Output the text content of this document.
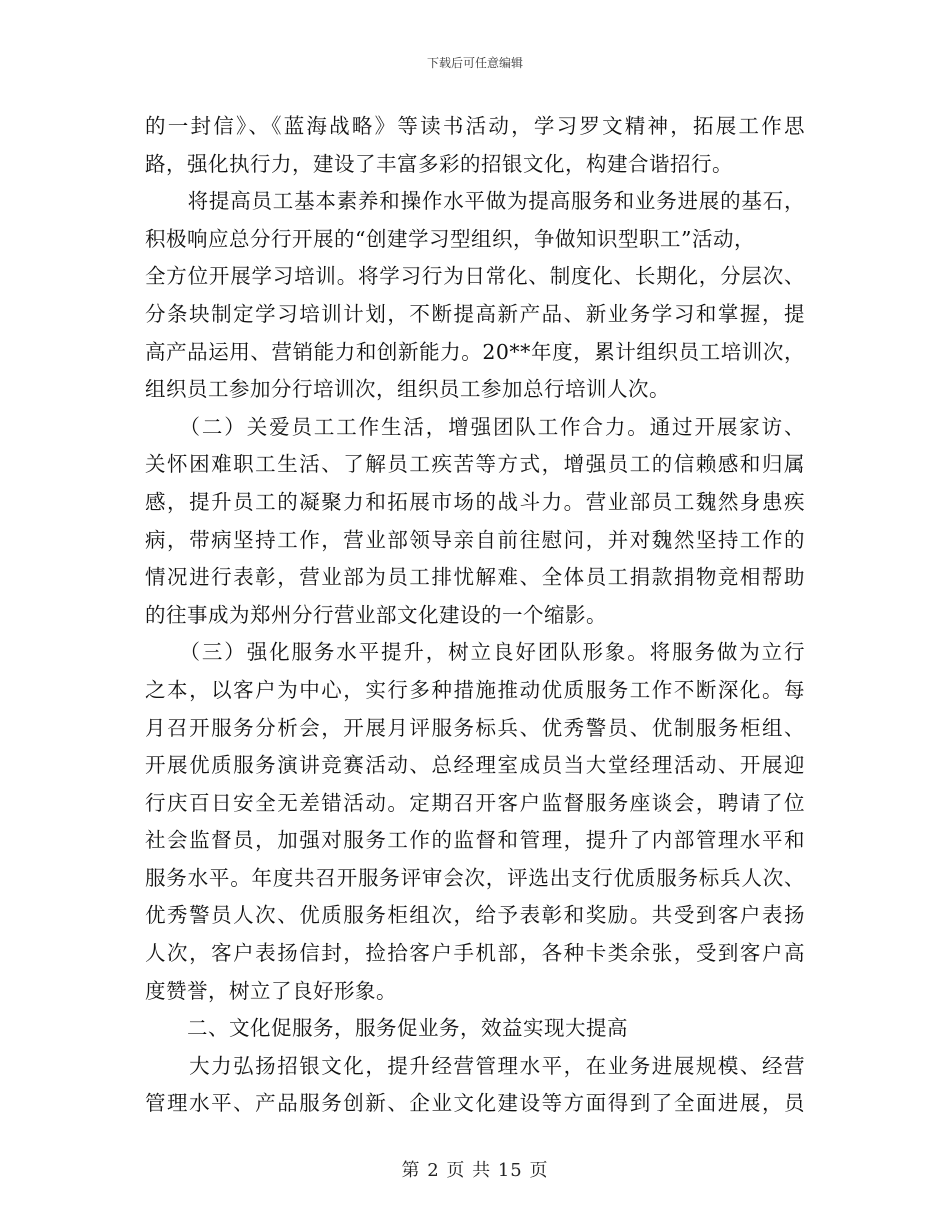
下载后可任意编辑
的一封信》、《蓝海战略》等读书活动，学习罗文精神，拓展工作思
路，强化执行力，建设了丰富多彩的招银文化，构建合谐招行。
　　将提高员工基本素养和操作水平做为提高服务和业务进展的基石，
积极响应总分行开展的“创建学习型组织，争做知识型职工”活动，
全方位开展学习培训。将学习行为日常化、制度化、长期化，分层次、
分条块制定学习培训计划，不断提高新产品、新业务学习和掌握，提
高产品运用、营销能力和创新能力。20**年度，累计组织员工培训次，
组织员工参加分行培训次，组织员工参加总行培训人次。
　　（二）关爱员工工作生活，增强团队工作合力。通过开展家访、
关怀困难职工生活、了解员工疾苦等方式，增强员工的信赖感和归属
感，提升员工的凝聚力和拓展市场的战斗力。营业部员工魏然身患疾
病，带病坚持工作，营业部领导亲自前往慰问，并对魏然坚持工作的
情况进行表彰，营业部为员工排忧解难、全体员工捐款捐物竞相帮助
的往事成为郑州分行营业部文化建设的一个缩影。
　　（三）强化服务水平提升，树立良好团队形象。将服务做为立行
之本，以客户为中心，实行多种措施推动优质服务工作不断深化。每
月召开服务分析会，开展月评服务标兵、优秀警员、优制服务柜组、
开展优质服务演讲竞赛活动、总经理室成员当大堂经理活动、开展迎
行庆百日安全无差错活动。定期召开客户监督服务座谈会，聘请了位
社会监督员，加强对服务工作的监督和管理，提升了内部管理水平和
服务水平。年度共召开服务评审会次，评选出支行优质服务标兵人次、
优秀警员人次、优质服务柜组次，给予表彰和奖励。共受到客户表扬
人次，客户表扬信封，捡拾客户手机部，各种卡类余张，受到客户高
度赞誉，树立了良好形象。
　　二、文化促服务，服务促业务，效益实现大提高
　　大力弘扬招银文化，提升经营管理水平，在业务进展规模、经营
管理水平、产品服务创新、企业文化建设等方面得到了全面进展，员
第 2 页 共 15 页
